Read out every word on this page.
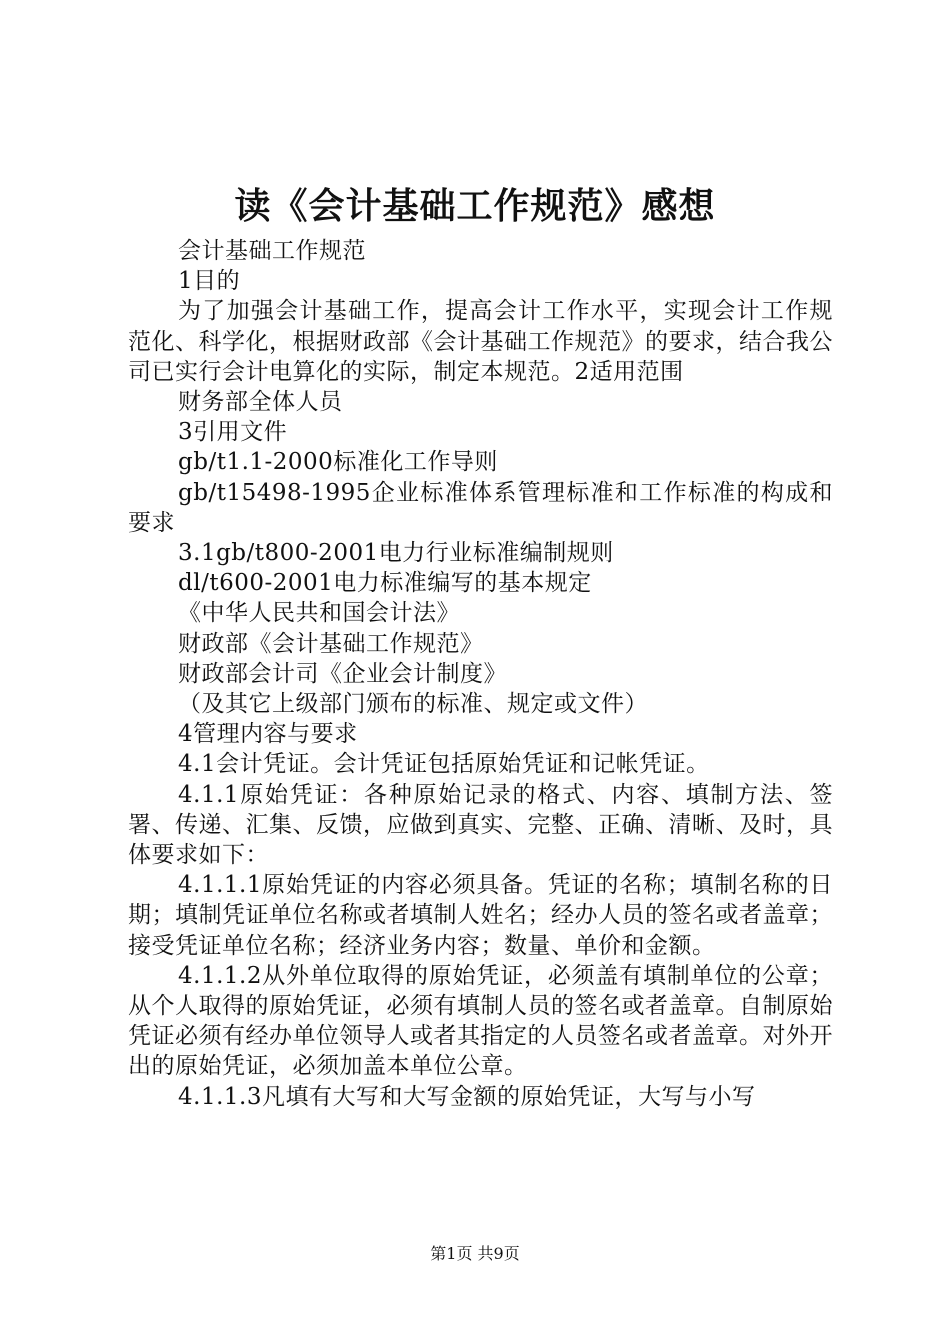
读《会计基础工作规范》感想

会计基础工作规范

1目的

为了加强会计基础工作，提高会计工作水平，实现会计工作规范化、科学化，根据财政部《会计基础工作规范》的要求，结合我公司已实行会计电算化的实际，制定本规范。2适用范围

财务部全体人员

3引用文件

gb/t1.1-2000标准化工作导则

gb/t15498-1995企业标准体系管理标准和工作标准的构成和要求

3.1gb/t800-2001电力行业标准编制规则

dl/t600-2001电力标准编写的基本规定

《中华人民共和国会计法》

财政部《会计基础工作规范》

财政部会计司《企业会计制度》

（及其它上级部门颁布的标准、规定或文件）

4管理内容与要求

4.1会计凭证。会计凭证包括原始凭证和记帐凭证。

4.1.1原始凭证：各种原始记录的格式、内容、填制方法、签署、传递、汇集、反馈，应做到真实、完整、正确、清晰、及时，具体要求如下：

4.1.1.1原始凭证的内容必须具备。凭证的名称；填制名称的日期；填制凭证单位名称或者填制人姓名；经办人员的签名或者盖章；接受凭证单位名称；经济业务内容；数量、单价和金额。

4.1.1.2从外单位取得的原始凭证，必须盖有填制单位的公章；从个人取得的原始凭证，必须有填制人员的签名或者盖章。自制原始凭证必须有经办单位领导人或者其指定的人员签名或者盖章。对外开出的原始凭证，必须加盖本单位公章。

4.1.1.3凡填有大写和大写金额的原始凭证，大写与小写

第1页 共9页
